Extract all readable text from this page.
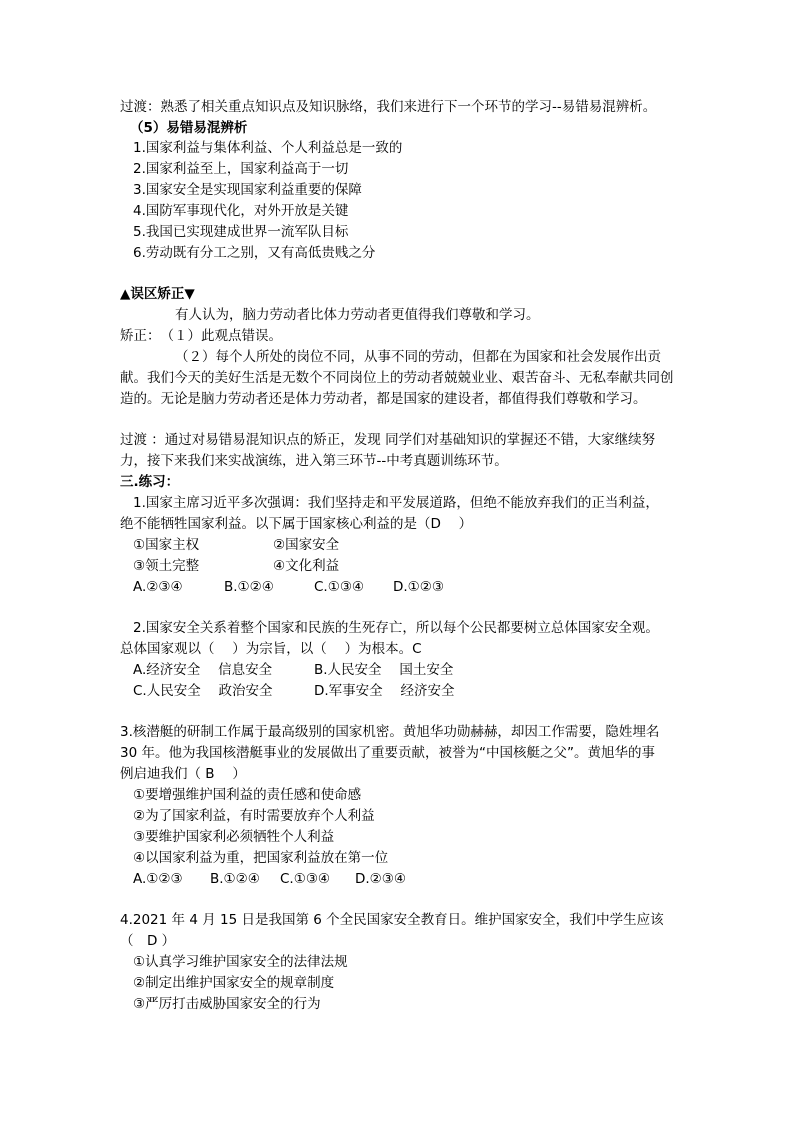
过渡：熟悉了相关重点知识点及知识脉络，我们来进行下一个环节的学习--易错易混辨析。
（5）易错易混辨析
1.国家利益与集体利益、个人利益总是一致的
2.国家利益至上，国家利益高于一切
3.国家安全是实现国家利益重要的保障
4.国防军事现代化，对外开放是关键
5.我国已实现建成世界一流军队目标
6.劳动既有分工之别，又有高低贵贱之分
▲误区矫正▼
有人认为，脑力劳动者比体力劳动者更值得我们尊敬和学习。
矫正：　（１）此观点错误。
（２）每个人所处的岗位不同，从事不同的劳动，但都在为国家和社会发展作出贡
献。我们今天的美好生活是无数个不同岗位上的劳动者兢兢业业、艰苦奋斗、无私奉献共同创
造的。无论是脑力劳动者还是体力劳动者，都是国家的建设者，都值得我们尊敬和学习。
过渡 ：通过对易错易混知识点的矫正，发现 同学们对基础知识的掌握还不错，大家继续努
力，接下来我们来实战演练，进入第三环节--中考真题训练环节。
三.练习：
1.国家主席习近平多次强调：我们坚持走和平发展道路，但绝不能放弃我们的正当利益，
绝不能牺牲国家利益。以下属于国家核心利益的是（D　 ）
①国家主权	②国家安全
③领土完整	④文化利益
A.②③④	B.①②④	C.①③④ D.①②③
2.国家安全关系着整个国家和民族的生死存亡，所以每个公民都要树立总体国家安全观。
总体国家观以（　 ）为宗旨，以（　 ）为根本。C
A.经济安全　 信息安全	B.人民安全　 国土安全
C.人民安全　 政治安全	D.军事安全　 经济安全
3.核潜艇的研制工作属于最高级别的国家机密。黄旭华功勋赫赫，却因工作需要，隐姓埋名
30 年。他为我国核潜艇事业的发展做出了重要贡献，被誉为“中国核艇之父”。黄旭华的事
例启迪我们（ B　 ）
①要增强维护国利益的责任感和使命感
②为了国家利益，有时需要放弃个人利益
③要维护国家利必须牺牲个人利益
④以国家利益为重，把国家利益放在第一位
A.①②③ B.①②④ C.①③④ D.②③④
4.2021 年 4 月 15 日是我国第 6 个全民国家安全教育日。维护国家安全，我们中学生应该
（　D ）
①认真学习维护国家安全的法律法规
②制定出维护国家安全的规章制度
③严厉打击威胁国家安全的行为
